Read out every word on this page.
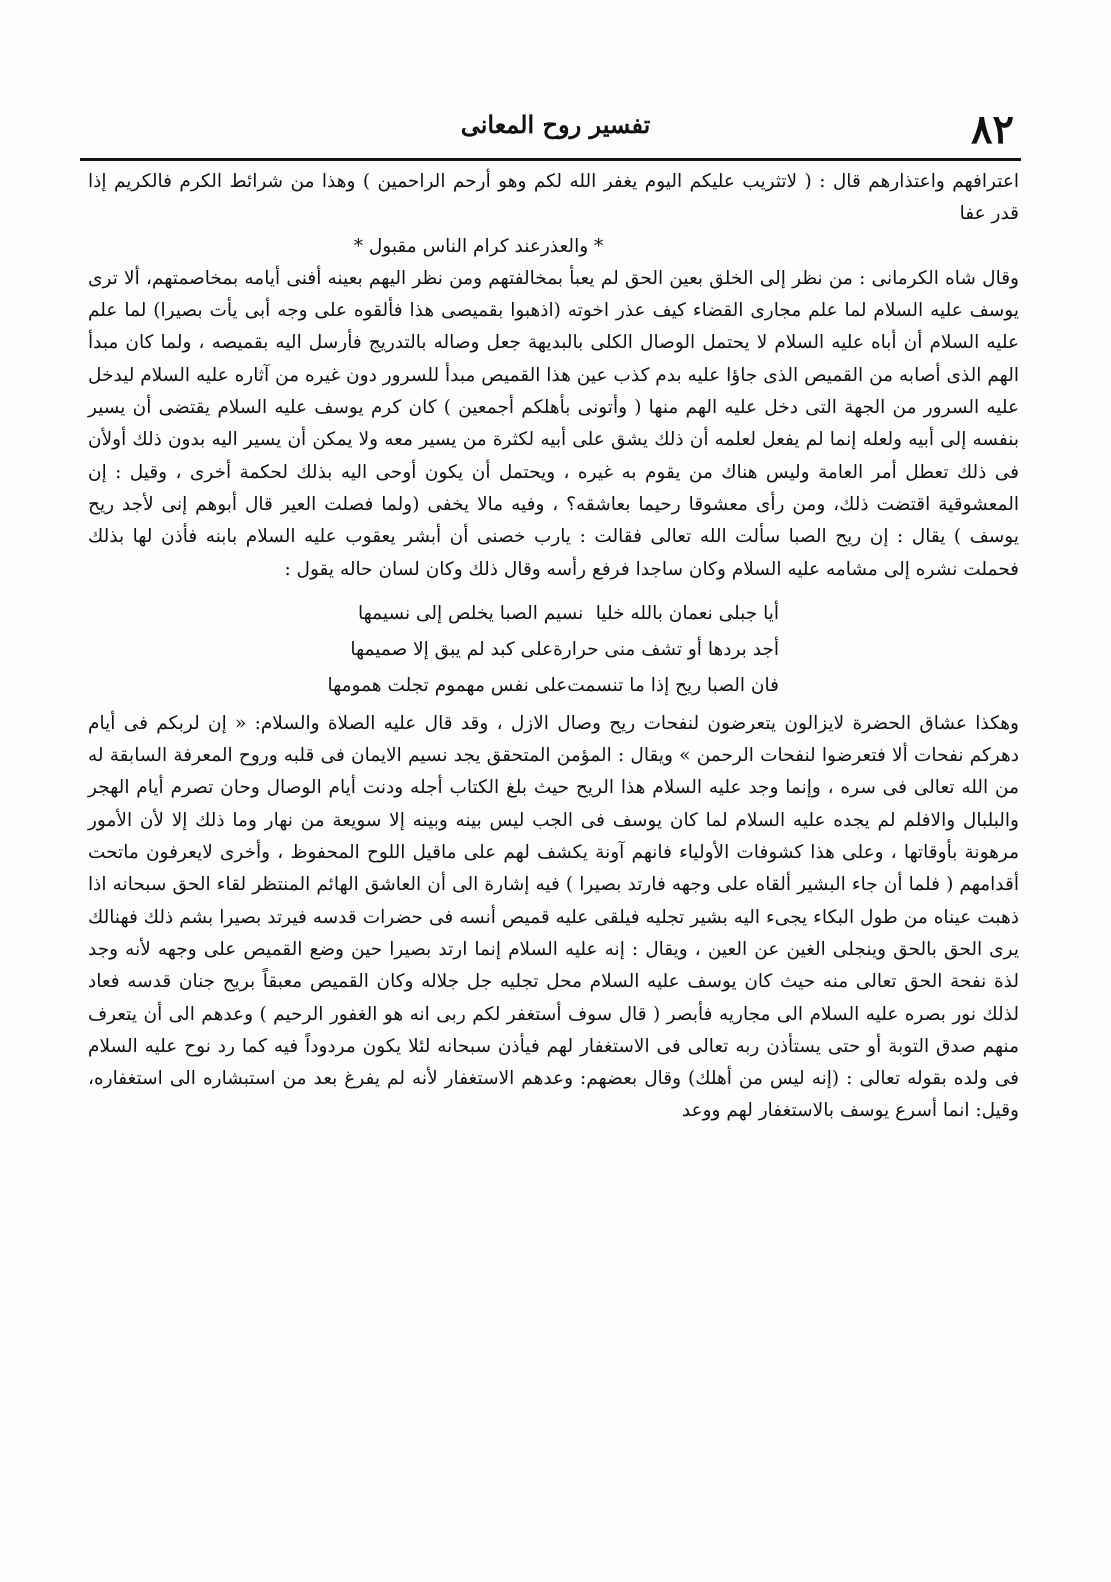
٨٢
تفسير روح المعانى

اعترافهم واعتذارهم قال : ( لاتثريب عليكم اليوم يغفر الله لكم وهو أرحم الراحمين ) وهذا من شرائط الكرم فالكريم إذا قدر عفا
* والعذرعند كرام الناس مقبول *

وقال شاه الكرمانى : من نظر إلى الخلق بعين الحق لم يعبأ بمخالفتهم ومن نظر اليهم بعينه أفنى أيامه بمخاصمتهم، ألا ترى يوسف عليه السلام لما علم مجارى القضاء كيف عذر اخوته (اذهبوا بقميصى هذا فألقوه على وجه أبى يأت بصيرا) لما علم عليه السلام أن أباه عليه السلام لا يحتمل الوصال الكلى بالبديهة جعل وصاله بالتدريج فأرسل اليه بقميصه ، ولما كان مبدأ الهم الذى أصابه من القميص الذى جاؤا عليه بدم كذب عين هذا القميص مبدأ للسرور دون غيره من آثاره عليه السلام ليدخل عليه السرور من الجهة التى دخل عليه الهم منها ( وأتونى بأهلكم أجمعين ) كان كرم يوسف عليه السلام يقتضى أن يسير بنفسه إلى أبيه ولعله إنما لم يفعل لعلمه أن ذلك يشق على أبيه لكثرة من يسير معه ولا يمكن أن يسير اليه بدون ذلك أولأن فى ذلك تعطل أمر العامة وليس هناك من يقوم به غيره ، ويحتمل أن يكون أوحى اليه بذلك لحكمة أخرى ، وقيل : إن المعشوقية اقتضت ذلك، ومن رأى معشوقا رحيما بعاشقه؟ ، وفيه مالا يخفى (ولما فصلت العير قال أبوهم إنى لأجد ريح يوسف ) يقال : إن ريح الصبا سألت الله تعالى فقالت : يارب خصنى أن أبشر يعقوب عليه السلام بابنه فأذن لها بذلك فحملت نشره إلى مشامه عليه السلام وكان ساجدا فرفع رأسه وقال ذلك وكان لسان حاله يقول :

أيا جبلى نعمان بالله خليا
نسيم الصبا يخلص إلى نسيمها
أجد بردها أو تشف منى حرارة
على كبد لم يبق إلا صميمها
فان الصبا ريح إذا ما تنسمت
على نفس مهموم تجلت همومها

وهكذا عشاق الحضرة لايزالون يتعرضون لنفحات ريح وصال الازل ، وقد قال عليه الصلاة والسلام: « إن لربكم فى أيام دهركم نفحات ألا فتعرضوا لنفحات الرحمن » ويقال : المؤمن المتحقق يجد نسيم الايمان فى قلبه وروح المعرفة السابقة له من الله تعالى فى سره ، وإنما وجد عليه السلام هذا الريح حيث بلغ الكتاب أجله ودنت أيام الوصال وحان تصرم أيام الهجر والبلبال والافلم لم يجده عليه السلام لما كان يوسف فى الجب ليس بينه وبينه إلا سويعة من نهار وما ذلك إلا لأن الأمور مرهونة بأوقاتها ، وعلى هذا كشوفات الأولياء فانهم آونة يكشف لهم على ماقيل اللوح المحفوظ ، وأخرى لايعرفون ماتحت أقدامهم ( فلما أن جاء البشير ألقاه على وجهه فارتد بصيرا ) فيه إشارة الى أن العاشق الهائم المنتظر لقاء الحق سبحانه اذا ذهبت عيناه من طول البكاء يجىء اليه بشير تجليه فيلقى عليه قميص أنسه فى حضرات قدسه فيرتد بصيرا بشم ذلك فهنالك يرى الحق بالحق وينجلى الغين عن العين ، ويقال : إنه عليه السلام إنما ارتد بصيرا حين وضع القميص على وجهه لأنه وجد لذة نفحة الحق تعالى منه حيث كان يوسف عليه السلام محل تجليه جل جلاله وكان القميص معبقاً بريح جنان قدسه فعاد لذلك نور بصره عليه السلام الى مجاريه فأبصر ( قال سوف أستغفر لكم ربى انه هو الغفور الرحيم ) وعدهم الى أن يتعرف منهم صدق التوبة أو حتى يستأذن ربه تعالى فى الاستغفار لهم فيأذن سبحانه لئلا يكون مردوداً فيه كما رد نوح عليه السلام فى ولده بقوله تعالى : (إنه ليس من أهلك) وقال بعضهم: وعدهم الاستغفار لأنه لم يفرغ بعد من استبشاره الى استغفاره، وقيل: انما أسرع يوسف بالاستغفار لهم ووعد
